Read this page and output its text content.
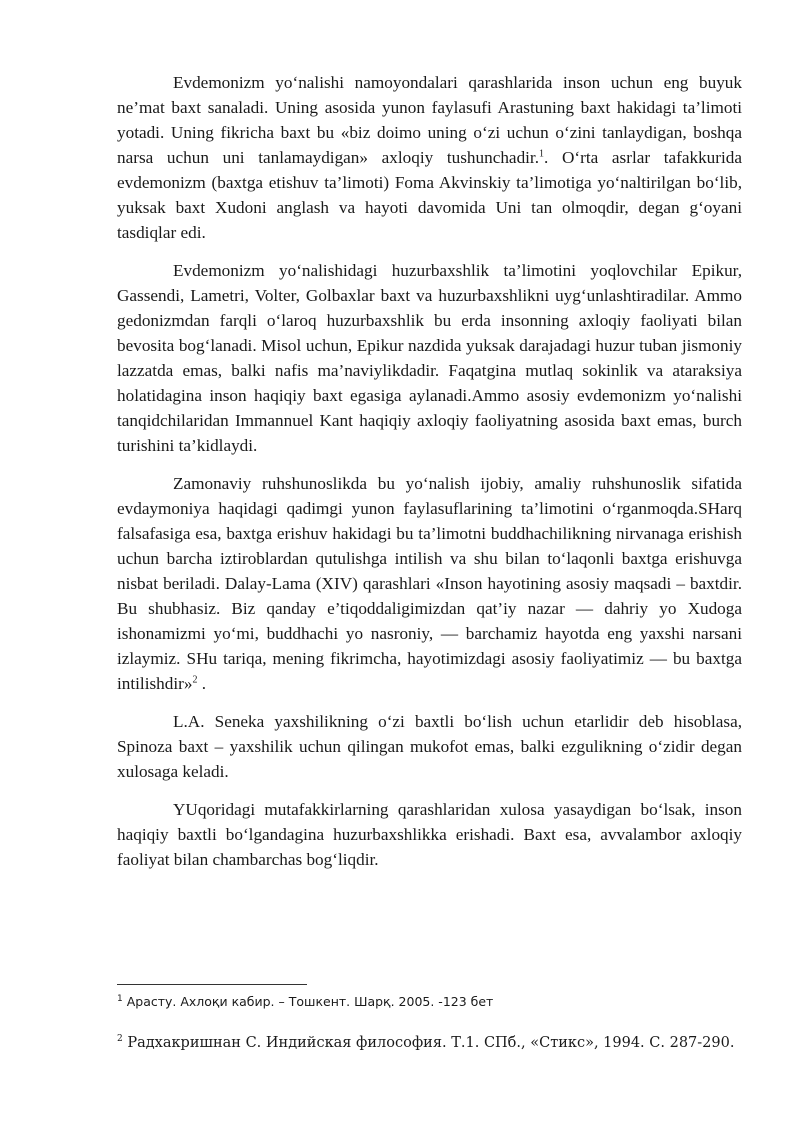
Evdemonizm yo‘nalishi namoyondalari qarashlarida inson uchun eng buyuk ne’mat baxt sanaladi. Uning asosida yunon faylasufi Arastuning baxt hakidagi ta’limoti yotadi. Uning fikricha baxt bu «biz doimo uning o‘zi uchun o‘zini tanlaydigan, boshqa narsa uchun uni tanlamaydigan» axloqiy tushunchadir.$^1$. O‘rta asrlar tafakkurida evdemonizm (baxtga etishuv ta’limoti) Foma Akvinskiy ta’limotiga yo‘naltirilgan bo‘lib, yuksak baxt Xudoni anglash va hayoti davomida Uni tan olmoqdir, degan g‘oyani tasdiqlar edi.

Evdemonizm yo‘nalishidagi huzurbaxshlik ta’limotini yoqlovchilar Epikur, Gassendi, Lametri, Volter, Golbaxlar baxt va huzurbaxshlikni uyg‘unlashtiradilar. Ammo gedonizmdan farqli o‘laroq huzurbaxshlik bu erda insonning axloqiy faoliyati bilan bevosita bog‘lanadi. Misol uchun, Epikur nazdida yuksak darajadagi huzur tuban jismoniy lazzatda emas, balki nafis ma’naviylikdadir. Faqatgina mutlaq sokinlik va ataraksiya holatidagina inson haqiqiy baxt egasiga aylanadi.Ammo asosiy evdemonizm yo‘nalishi tanqidchilaridan Immannuel Kant haqiqiy axloqiy faoliyatning asosida baxt emas, burch turishini ta’kidlaydi.

Zamonaviy ruhshunoslikda bu yo‘nalish ijobiy, amaliy ruhshunoslik sifatida evdaymoniya haqidagi qadimgi yunon faylasuflarining ta’limotini o‘rganmoqda.SHarq falsafasiga esa, baxtga erishuv hakidagi bu ta’limotni buddhachilikning nirvanaga erishish uchun barcha iztiroblardan qutulishga intilish va shu bilan to‘laqonli baxtga erishuvga nisbat beriladi. Dalay-Lama (XIV) qarashlari «Inson hayotining asosiy maqsadi – baxtdir. Bu shubhasiz. Biz qanday e’tiqoddaligimizdan qat’iy nazar — dahriy yo Xudoga ishonamizmi yo‘mi, buddhachi yo nasroniy, — barchamiz hayotda eng yaxshi narsani izlaymiz. SHu tariqa, mening fikrimcha, hayotimizdagi asosiy faoliyatimiz — bu baxtga intilishdir»$^2$ .

L.A. Seneka yaxshilikning o‘zi baxtli bo‘lish uchun etarlidir deb hisoblasa, Spinoza baxt – yaxshilik uchun qilingan mukofot emas, balki ezgulikning o‘zidir degan xulosaga keladi.

YUqoridagi mutafakkirlarning qarashlaridan xulosa yasaydigan bo‘lsak, inson haqiqiy baxtli bo‘lgandagina huzurbaxshlikka erishadi. Baxt esa, avvalambor axloqiy faoliyat bilan chambarchas bog‘liqdir.

$^1$ Арасту. Ахлоқи кабир. – Тошкент. Шарқ. 2005. -123 бет
$^2$ Радхакришнан С. Индийская философия. Т.1. СПб., «Стикс», 1994. С. 287-290.
